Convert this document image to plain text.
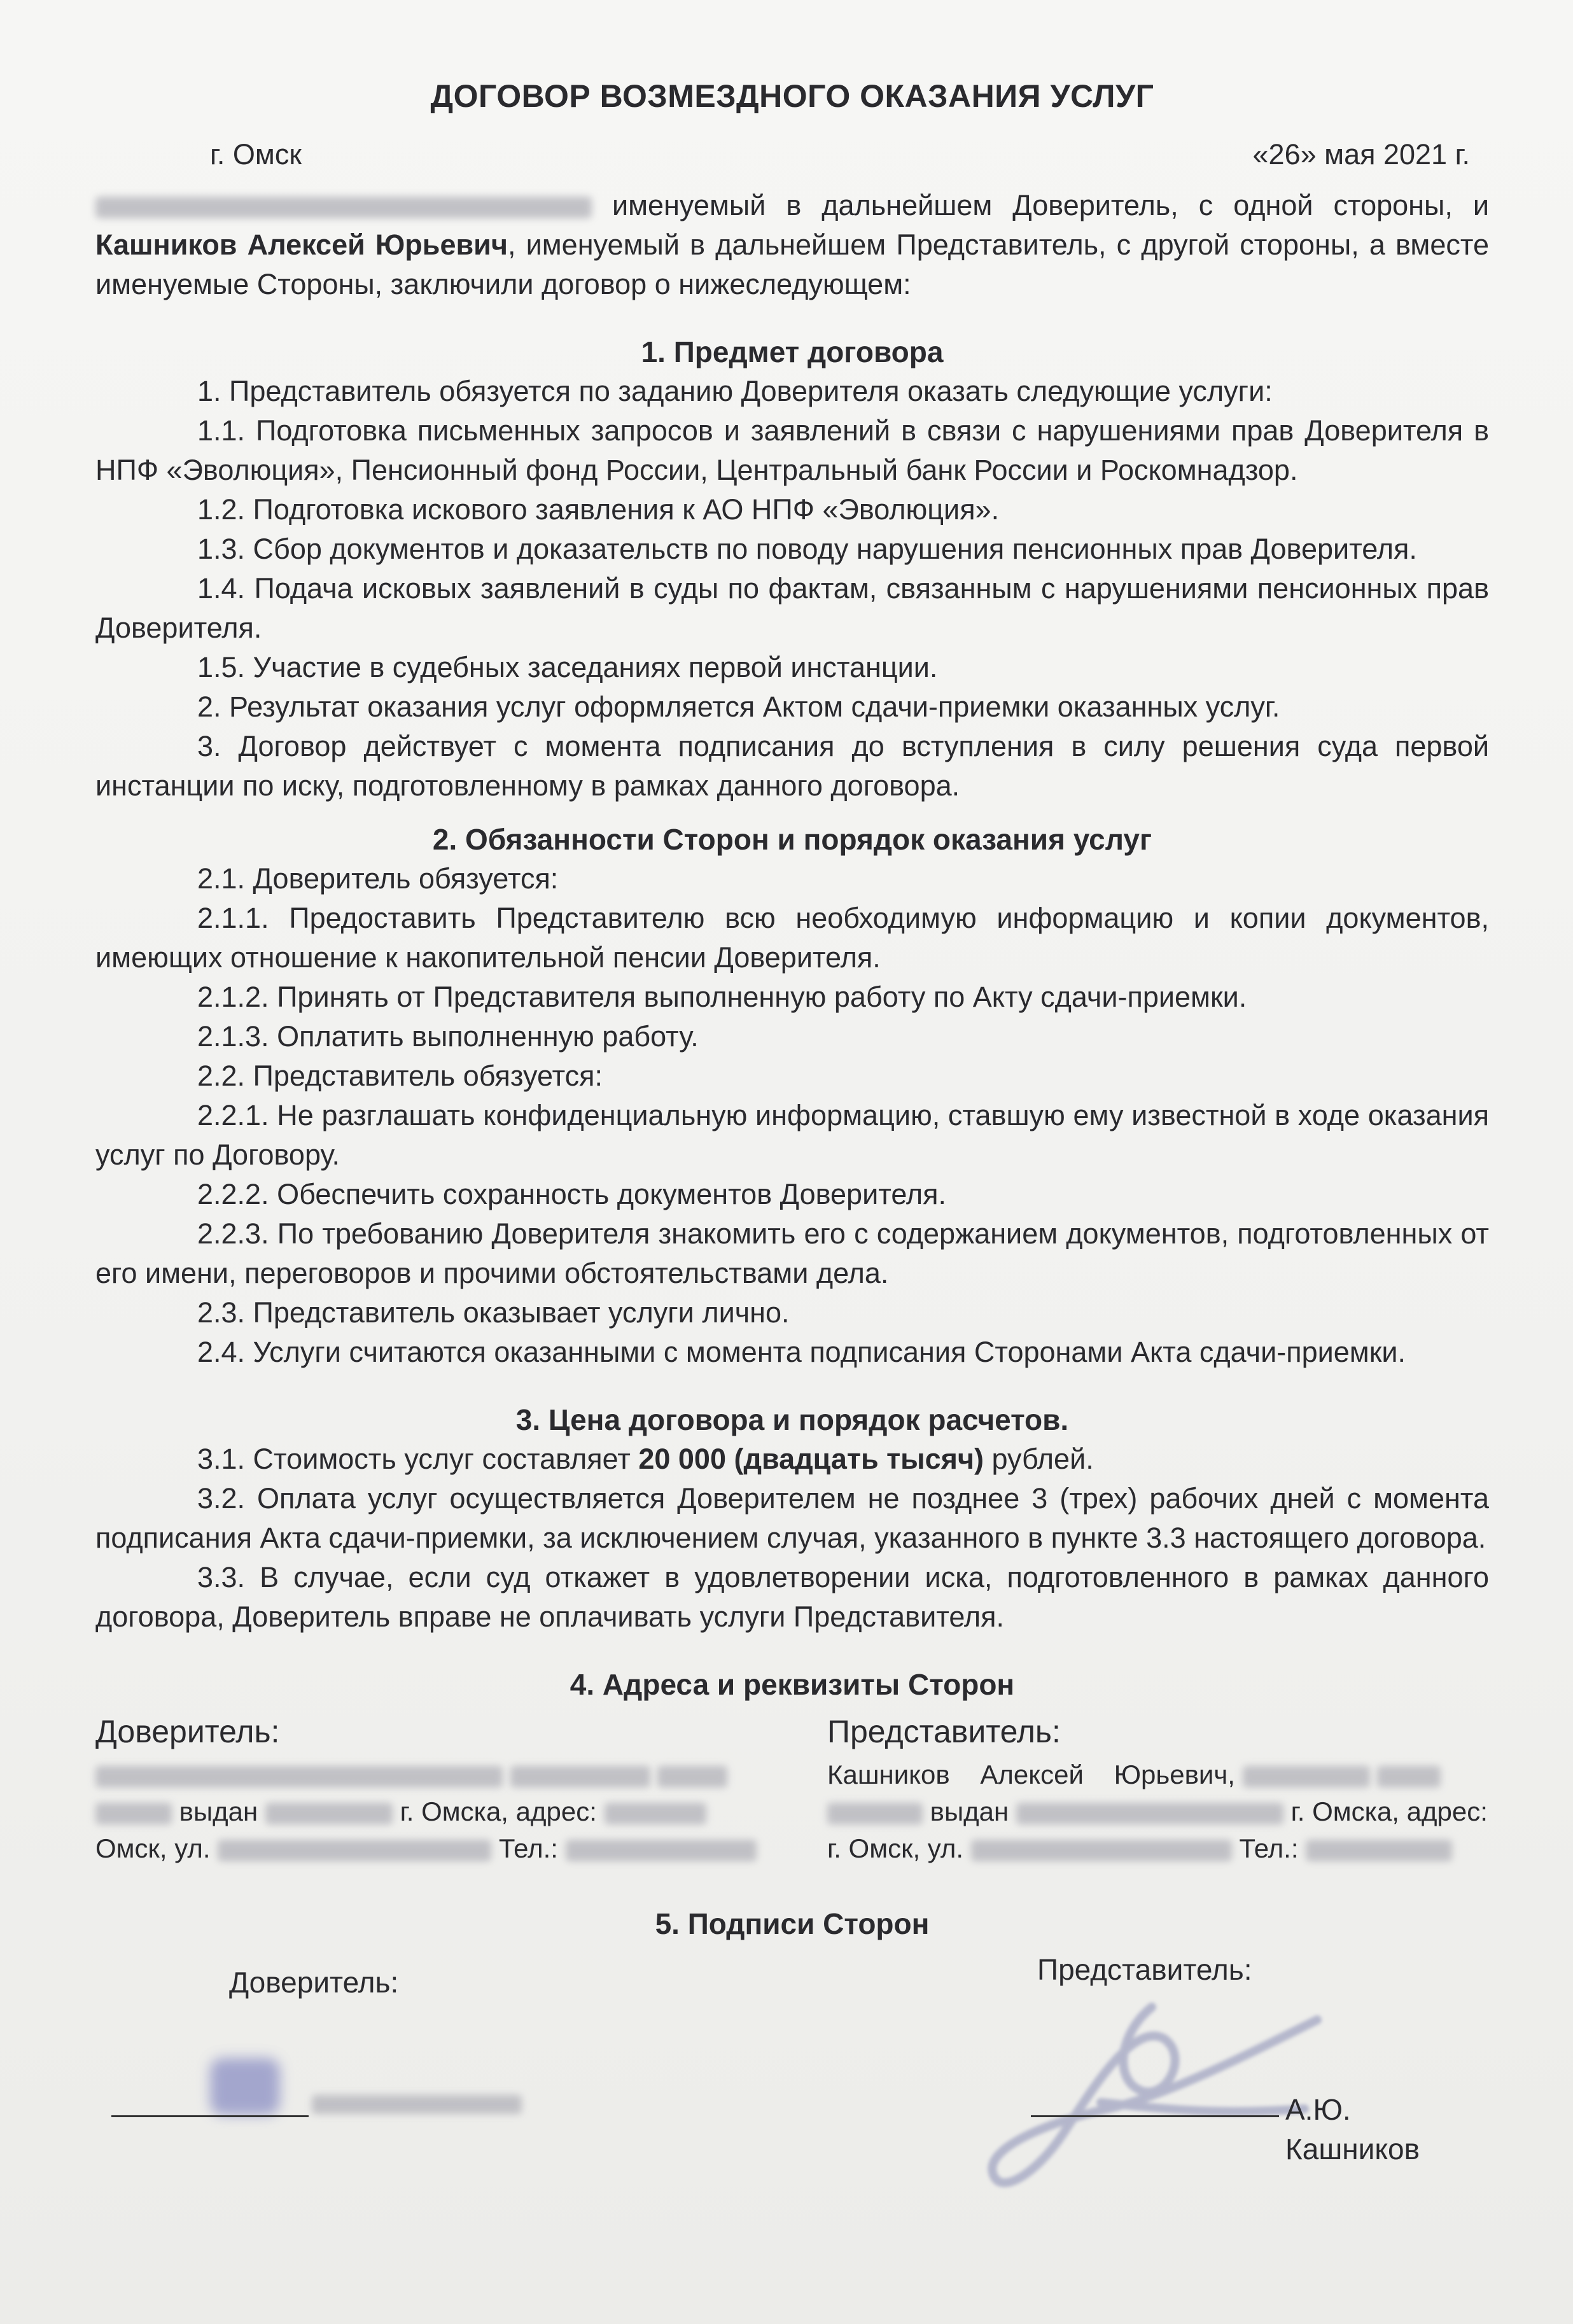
ДОГОВОР ВОЗМЕЗДНОГО ОКАЗАНИЯ УСЛУГ
г. Омск	«26» мая 2021 г.

именуемый в дальнейшем Доверитель, с одной стороны, и Кашников Алексей Юрьевич, именуемый в дальнейшем Представитель, с другой стороны, а вместе именуемые Стороны, заключили договор о нижеследующем:

1. Предмет договора

1. Представитель обязуется по заданию Доверителя оказать следующие услуги:

1.1. Подготовка письменных запросов и заявлений в связи с нарушениями прав Доверителя в НПФ «Эволюция», Пенсионный фонд России, Центральный банк России и Роскомнадзор.

1.2. Подготовка искового заявления к АО НПФ «Эволюция».

1.3. Сбор документов и доказательств по поводу нарушения пенсионных прав Доверителя.

1.4. Подача исковых заявлений в суды по фактам, связанным с нарушениями пенсионных прав Доверителя.

1.5. Участие в судебных заседаниях первой инстанции.

2. Результат оказания услуг оформляется Актом сдачи-приемки оказанных услуг.

3. Договор действует с момента подписания до вступления в силу решения суда первой инстанции по иску, подготовленному в рамках данного договора.

2. Обязанности Сторон и порядок оказания услуг

2.1. Доверитель обязуется:

2.1.1. Предоставить Представителю всю необходимую информацию и копии документов, имеющих отношение к накопительной пенсии Доверителя.

2.1.2. Принять от Представителя выполненную работу по Акту сдачи-приемки.

2.1.3. Оплатить выполненную работу.

2.2. Представитель обязуется:

2.2.1. Не разглашать конфиденциальную информацию, ставшую ему известной в ходе оказания услуг по Договору.

2.2.2. Обеспечить сохранность документов Доверителя.

2.2.3. По требованию Доверителя знакомить его с содержанием документов, подготовленных от его имени, переговоров и прочими обстоятельствами дела.

2.3. Представитель оказывает услуги лично.

2.4. Услуги считаются оказанными с момента подписания Сторонами Акта сдачи-приемки.

3. Цена договора и порядок расчетов.

3.1. Стоимость услуг составляет 20 000 (двадцать тысяч) рублей.

3.2. Оплата услуг осуществляется Доверителем не позднее 3 (трех) рабочих дней с момента подписания Акта сдачи-приемки, за исключением случая, указанного в пункте 3.3 настоящего договора.

3.3. В случае, если суд откажет в удовлетворении иска, подготовленного в рамках данного договора, Доверитель вправе не оплачивать услуги Представителя.

4. Адреса и реквизиты Сторон
Доверитель:

выдан	г. Омска, адрес:
Омск, ул.	Тел.:
Представитель:
Кашников Алексей Юрьевич,
выдан	г. Омска, адрес:
г. Омск, ул.	Тел.:
5. Подписи Сторон
Доверитель:	Представитель:
А.Ю. Кашников
